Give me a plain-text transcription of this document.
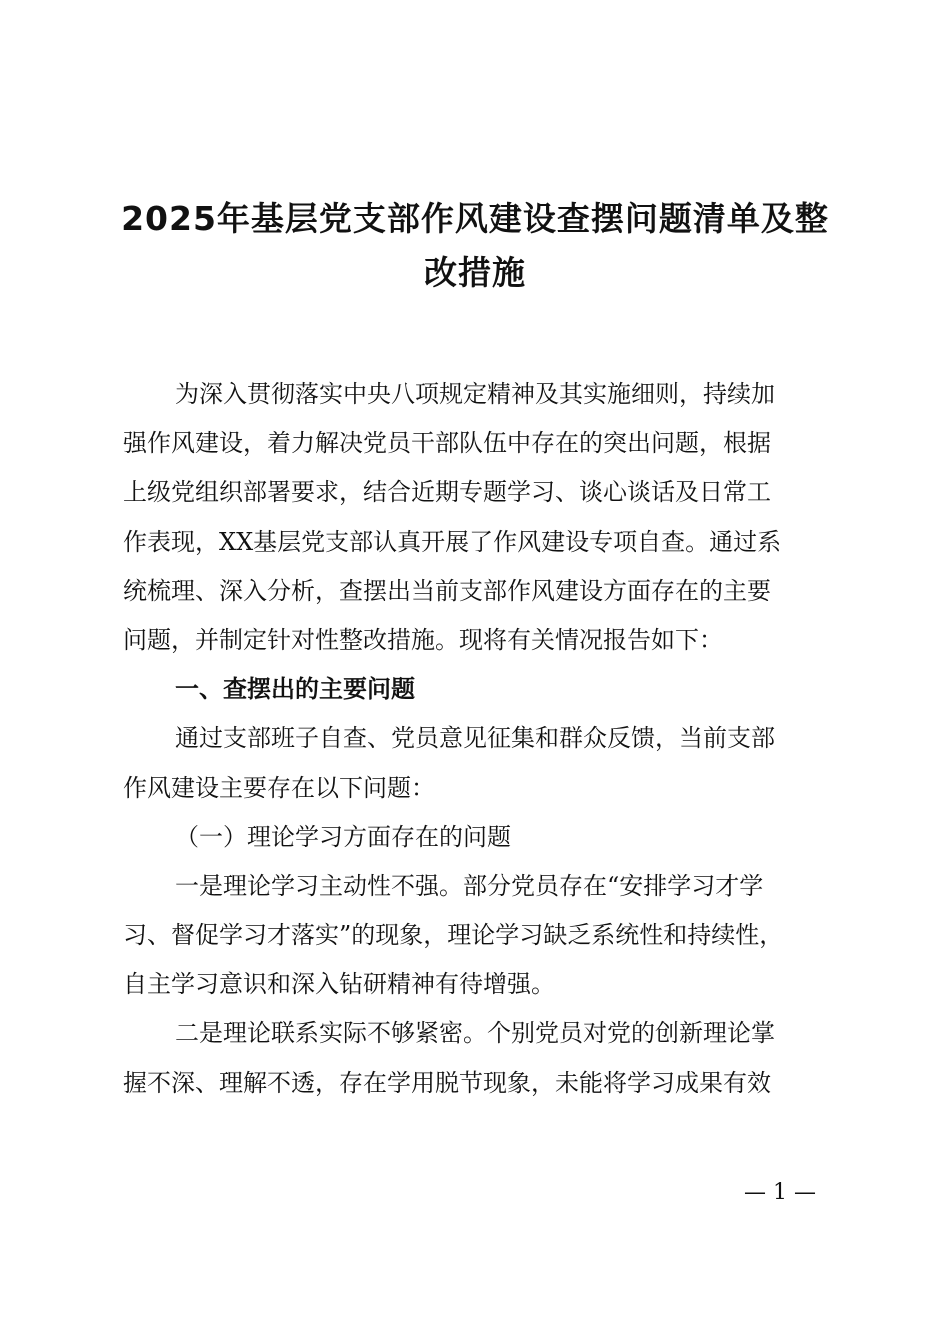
2025年基层党支部作风建设查摆问题清单及整
改措施
为深入贯彻落实中央八项规定精神及其实施细则，持续加
强作风建设，着力解决党员干部队伍中存在的突出问题，根据
上级党组织部署要求，结合近期专题学习、谈心谈话及日常工
作表现，XX基层党支部认真开展了作风建设专项自查。通过系
统梳理、深入分析，查摆出当前支部作风建设方面存在的主要
问题，并制定针对性整改措施。现将有关情况报告如下：
一、查摆出的主要问题
通过支部班子自查、党员意见征集和群众反馈，当前支部
作风建设主要存在以下问题：
（一）理论学习方面存在的问题
一是理论学习主动性不强。部分党员存在“安排学习才学
习、督促学习才落实”的现象，理论学习缺乏系统性和持续性，
自主学习意识和深入钻研精神有待增强。
二是理论联系实际不够紧密。个别党员对党的创新理论掌
握不深、理解不透，存在学用脱节现象，未能将学习成果有效
— 1 —
